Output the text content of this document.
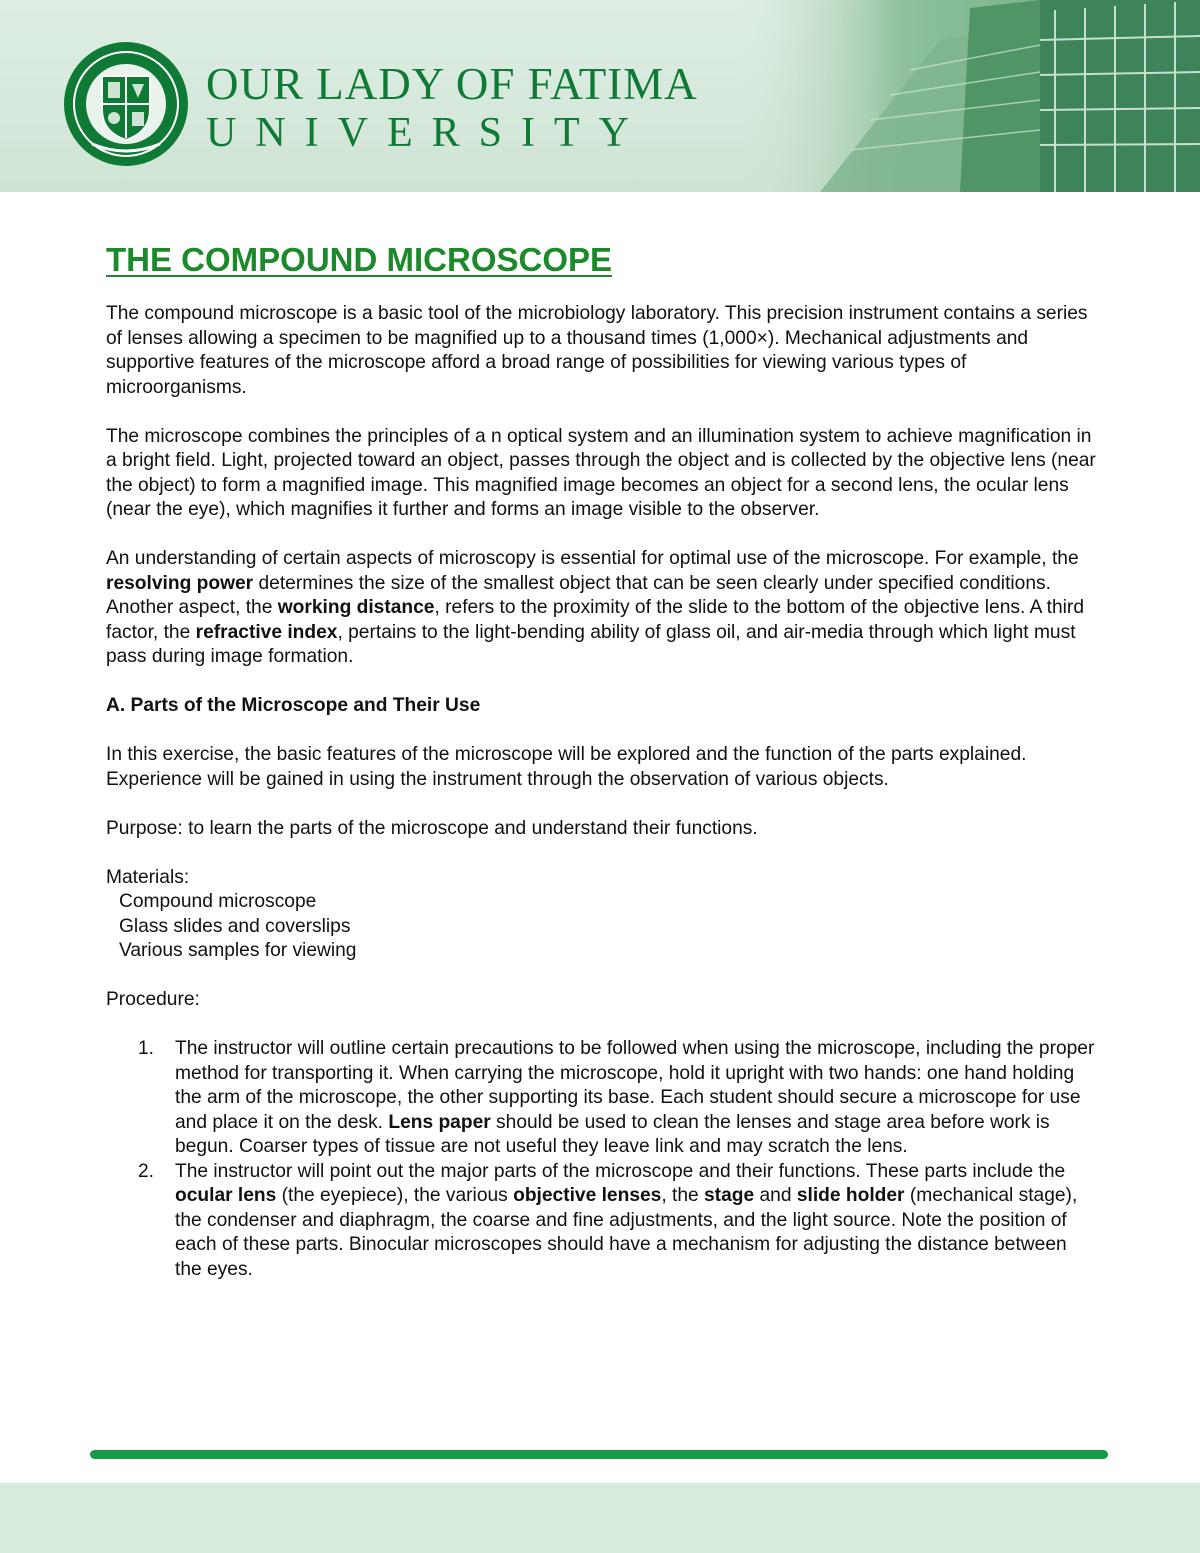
OUR LADY OF FATIMA
UNIVERSITY
THE COMPOUND MICROSCOPE

The compound microscope is a basic tool of the microbiology laboratory. This precision instrument contains a series of lenses allowing a specimen to be magnified up to a thousand times (1,000×). Mechanical adjustments and supportive features of the microscope afford a broad range of possibilities for viewing various types of microorganisms.

The microscope combines the principles of a n optical system and an illumination system to achieve magnification in a bright field. Light, projected toward an object, passes through the object and is collected by the objective lens (near the object) to form a magnified image. This magnified image becomes an object for a second lens, the ocular lens (near the eye), which magnifies it further and forms an image visible to the observer.

An understanding of certain aspects of microscopy is essential for optimal use of the microscope. For example, the resolving power determines the size of the smallest object that can be seen clearly under specified conditions. Another aspect, the working distance, refers to the proximity of the slide to the bottom of the objective lens. A third factor, the refractive index, pertains to the light-bending ability of glass oil, and air-media through which light must pass during image formation.

A. Parts of the Microscope and Their Use

In this exercise, the basic features of the microscope will be explored and the function of the parts explained. Experience will be gained in using the instrument through the observation of various objects.

Purpose: to learn the parts of the microscope and understand their functions.

Materials:

Compound microscope
Glass slides and coverslips
Various samples for viewing

Procedure:

1. The instructor will outline certain precautions to be followed when using the microscope, including the proper method for transporting it. When carrying the microscope, hold it upright with two hands: one hand holding the arm of the microscope, the other supporting its base. Each student should secure a microscope for use and place it on the desk. Lens paper should be used to clean the lenses and stage area before work is begun. Coarser types of tissue are not useful they leave link and may scratch the lens.
2. The instructor will point out the major parts of the microscope and their functions. These parts include the ocular lens (the eyepiece), the various objective lenses, the stage and slide holder (mechanical stage), the condenser and diaphragm, the coarse and fine adjustments, and the light source. Note the position of each of these parts. Binocular microscopes should have a mechanism for adjusting the distance between the eyes.
